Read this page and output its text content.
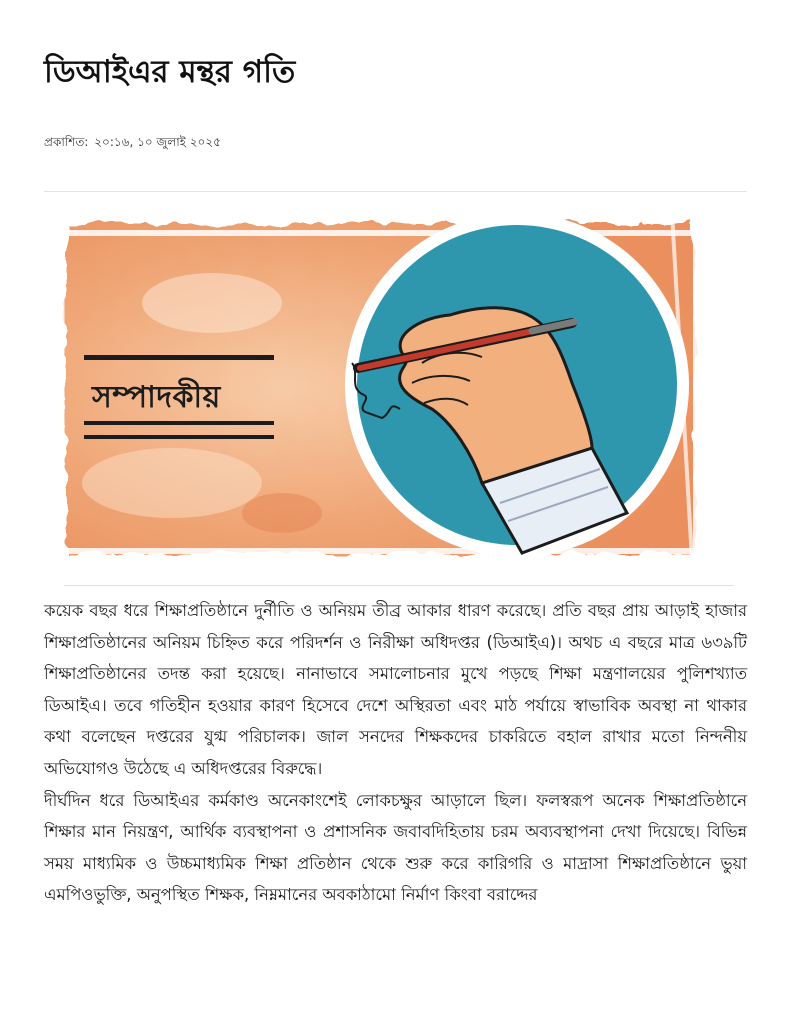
ডিআইএর মন্থর গতি
প্রকাশিত: ২০:১৬, ১০ জুলাই ২০২৫
সম্পাদকীয়

কয়েক বছর ধরে শিক্ষাপ্রতিষ্ঠানে দুর্নীতি ও অনিয়ম তীব্র আকার ধারণ করেছে। প্রতি বছর প্রায় আড়াই হাজার শিক্ষাপ্রতিষ্ঠানের অনিয়ম চিহ্নিত করে পরিদর্শন ও নিরীক্ষা অধিদপ্তর (ডিআইএ)। অথচ এ বছরে মাত্র ৬৩৯টি শিক্ষাপ্রতিষ্ঠানের তদন্ত করা হয়েছে। নানাভাবে সমালোচনার মুখে পড়ছে শিক্ষা মন্ত্রণালয়ের পুলিশখ্যাত ডিআইএ। তবে গতিহীন হওয়ার কারণ হিসেবে দেশে অস্থিরতা এবং মাঠ পর্যায়ে স্বাভাবিক অবস্থা না থাকার কথা বলেছেন দপ্তরের যুগ্ম পরিচালক। জাল সনদের শিক্ষকদের চাকরিতে বহাল রাখার মতো নিন্দনীয় অভিযোগও উঠেছে এ অধিদপ্তরের বিরুদ্ধে।

দীর্ঘদিন ধরে ডিআইএর কর্মকাণ্ড অনেকাংশেই লোকচক্ষুর আড়ালে ছিল। ফলস্বরূপ অনেক শিক্ষাপ্রতিষ্ঠানে শিক্ষার মান নিয়ন্ত্রণ, আর্থিক ব্যবস্থাপনা ও প্রশাসনিক জবাবদিহিতায় চরম অব্যবস্থাপনা দেখা দিয়েছে। বিভিন্ন সময় মাধ্যমিক ও উচ্চমাধ্যমিক শিক্ষা প্রতিষ্ঠান থেকে শুরু করে কারিগরি ও মাদ্রাসা শিক্ষাপ্রতিষ্ঠানে ভুয়া এমপিওভুক্তি, অনুপস্থিত শিক্ষক, নিম্নমানের অবকাঠামো নির্মাণ কিংবা বরাদ্দের
